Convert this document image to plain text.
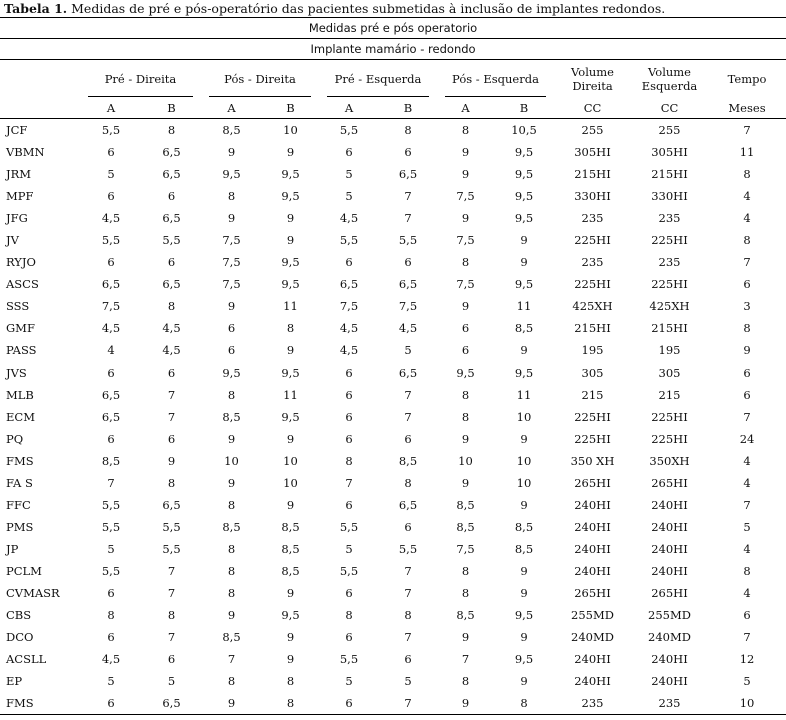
Tabela 1. Medidas de pré e pós-operatório das pacientes submetidas à inclusão de implantes redondos.
Medidas pré e pós operatorio											
Implante mamário - redondo											

	Pré - Direita		Pós - Direita		Pré - Esquerda		Pós - Esquerda		Volume Direita	Volume Esquerda	Tempo
	A	B	A	B	A	B	A	B	CC	CC	Meses
JCF	5,5	8	8,5	10	5,5	8	8	10,5	255	255	7
VBMN	6	6,5	9	9	6	6	9	9,5	305HI	305HI	11
JRM	5	6,5	9,5	9,5	5	6,5	9	9,5	215HI	215HI	8
MPF	6	6	8	9,5	5	7	7,5	9,5	330HI	330HI	4
JFG	4,5	6,5	9	9	4,5	7	9	9,5	235	235	4
JV	5,5	5,5	7,5	9	5,5	5,5	7,5	9	225HI	225HI	8
RYJO	6	6	7,5	9,5	6	6	8	9	235	235	7
ASCS	6,5	6,5	7,5	9,5	6,5	6,5	7,5	9,5	225HI	225HI	6
SSS	7,5	8	9	11	7,5	7,5	9	11	425XH	425XH	3
GMF	4,5	4,5	6	8	4,5	4,5	6	8,5	215HI	215HI	8
PASS	4	4,5	6	9	4,5	5	6	9	195	195	9
JVS	6	6	9,5	9,5	6	6,5	9,5	9,5	305	305	6
MLB	6,5	7	8	11	6	7	8	11	215	215	6
ECM	6,5	7	8,5	9,5	6	7	8	10	225HI	225HI	7
PQ	6	6	9	9	6	6	9	9	225HI	225HI	24
FMS	8,5	9	10	10	8	8,5	10	10	350 XH	350XH	4
FA S	7	8	9	10	7	8	9	10	265HI	265HI	4
FFC	5,5	6,5	8	9	6	6,5	8,5	9	240HI	240HI	7
PMS	5,5	5,5	8,5	8,5	5,5	6	8,5	8,5	240HI	240HI	5
JP	5	5,5	8	8,5	5	5,5	7,5	8,5	240HI	240HI	4
PCLM	5,5	7	8	8,5	5,5	7	8	9	240HI	240HI	8
CVMASR	6	7	8	9	6	7	8	9	265HI	265HI	4
CBS	8	8	9	9,5	8	8	8,5	9,5	255MD	255MD	6
DCO	6	7	8,5	9	6	7	9	9	240MD	240MD	7
ACSLL	4,5	6	7	9	5,5	6	7	9,5	240HI	240HI	12
EP	5	5	8	8	5	5	8	9	240HI	240HI	5
FMS	6	6,5	9	8	6	7	9	8	235	235	10
